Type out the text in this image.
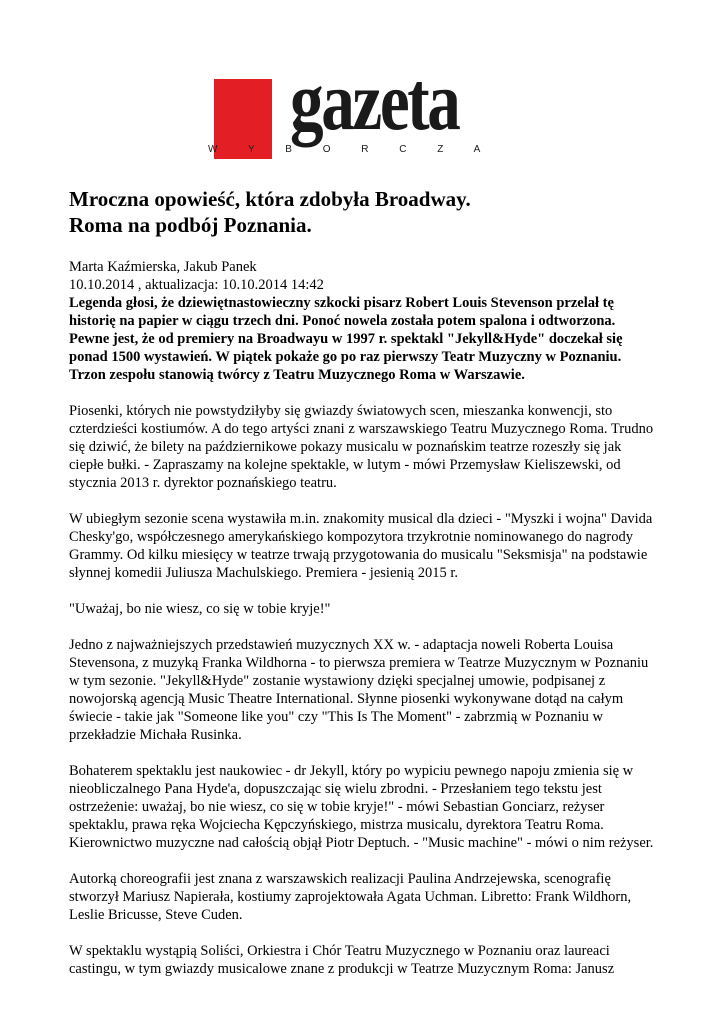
gazeta
W Y B O R C Z A
Mroczna opowieść, która zdobyła Broadway.
Roma na podbój Poznania.
Marta Kaźmierska, Jakub Panek
10.10.2014 , aktualizacja: 10.10.2014 14:42

Legenda głosi, że dziewiętnastowieczny szkocki pisarz Robert Louis Stevenson przelał tę historię na papier w ciągu trzech dni. Ponoć nowela została potem spalona i odtworzona. Pewne jest, że od premiery na Broadwayu w 1997 r. spektakl "Jekyll&Hyde" doczekał się ponad 1500 wystawień. W piątek pokaże go po raz pierwszy Teatr Muzyczny w Poznaniu. Trzon zespołu stanowią twórcy z Teatru Muzycznego Roma w Warszawie.

Piosenki, których nie powstydziłyby się gwiazdy światowych scen, mieszanka konwencji, sto czterdzieści kostiumów. A do tego artyści znani z warszawskiego Teatru Muzycznego Roma. Trudno się dziwić, że bilety na październikowe pokazy musicalu w poznańskim teatrze rozeszły się jak ciepłe bułki. - Zapraszamy na kolejne spektakle, w lutym - mówi Przemysław Kieliszewski, od stycznia 2013 r. dyrektor poznańskiego teatru.

W ubiegłym sezonie scena wystawiła m.in. znakomity musical dla dzieci - "Myszki i wojna" Davida Chesky'go, współczesnego amerykańskiego kompozytora trzykrotnie nominowanego do nagrody Grammy. Od kilku miesięcy w teatrze trwają przygotowania do musicalu "Seksmisja" na podstawie słynnej komedii Juliusza Machulskiego. Premiera - jesienią 2015 r.

"Uważaj, bo nie wiesz, co się w tobie kryje!"

Jedno z najważniejszych przedstawień muzycznych XX w. - adaptacja noweli Roberta Louisa Stevensona, z muzyką Franka Wildhorna - to pierwsza premiera w Teatrze Muzycznym w Poznaniu w tym sezonie. "Jekyll&Hyde" zostanie wystawiony dzięki specjalnej umowie, podpisanej z nowojorską agencją Music Theatre International. Słynne piosenki wykonywane dotąd na całym świecie - takie jak "Someone like you" czy "This Is The Moment" - zabrzmią w Poznaniu w przekładzie Michała Rusinka.

Bohaterem spektaklu jest naukowiec - dr Jekyll, który po wypiciu pewnego napoju zmienia się w nieobliczalnego Pana Hyde'a, dopuszczając się wielu zbrodni. - Przesłaniem tego tekstu jest ostrzeżenie: uważaj, bo nie wiesz, co się w tobie kryje!" - mówi Sebastian Gonciarz, reżyser spektaklu, prawa ręka Wojciecha Kępczyńskiego, mistrza musicalu, dyrektora Teatru Roma. Kierownictwo muzyczne nad całością objął Piotr Deptuch. - "Music machine" - mówi o nim reżyser.

Autorką choreografii jest znana z warszawskich realizacji Paulina Andrzejewska, scenografię stworzył Mariusz Napierała, kostiumy zaprojektowała Agata Uchman. Libretto: Frank Wildhorn, Leslie Bricusse, Steve Cuden.

W spektaklu wystąpią Soliści, Orkiestra i Chór Teatru Muzycznego w Poznaniu oraz laureaci castingu, w tym gwiazdy musicalowe znane z produkcji w Teatrze Muzycznym Roma: Janusz
